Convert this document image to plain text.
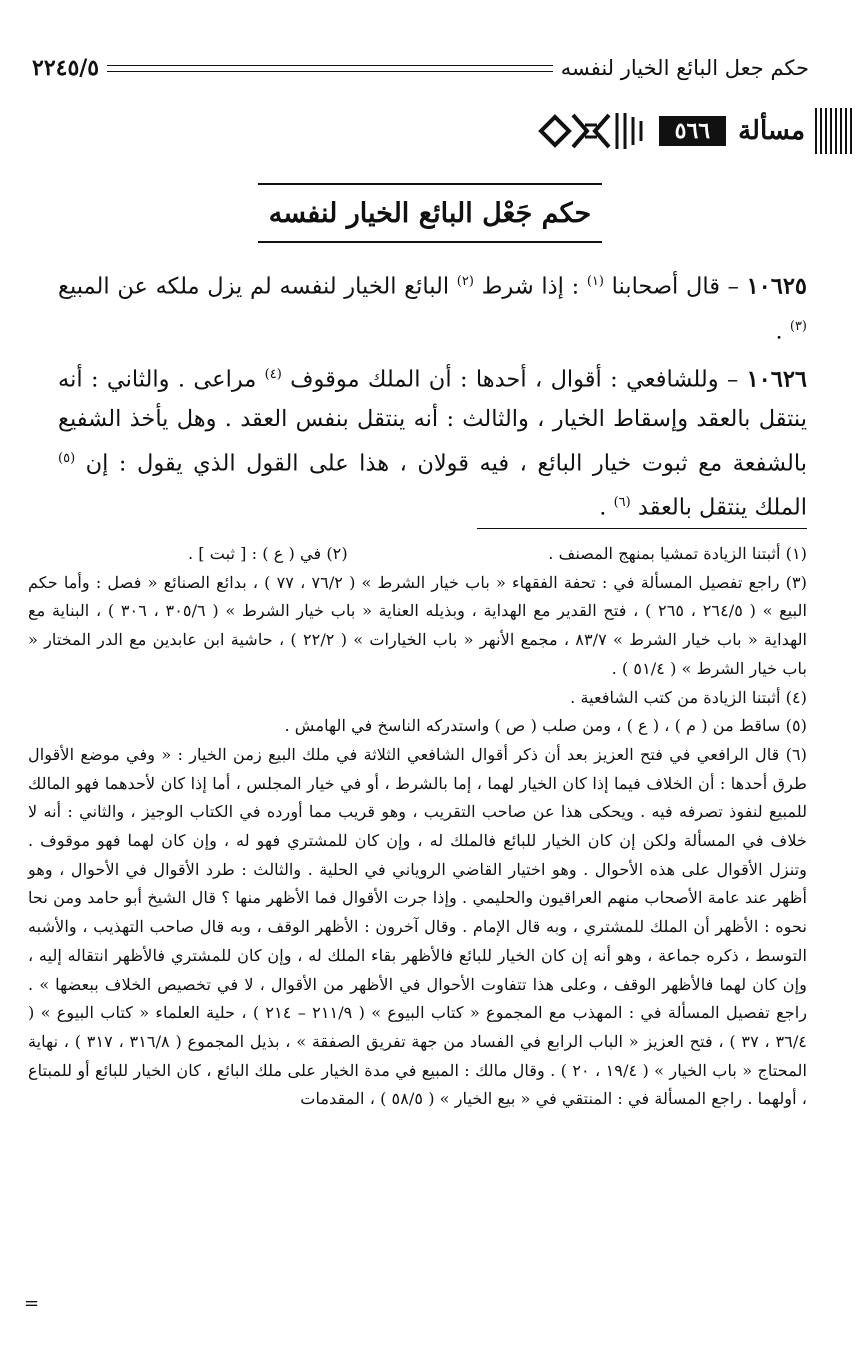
حكم جعل البائع الخيار لنفسه
٢٢٤٥/٥
مسألة
٥٦٦
حكم جَعْل البائع الخيار لنفسه

١٠٦٢٥ – قال أصحابنا $^{(١)}$ : إذا شرط $^{(٢)}$ البائع الخيار لنفسه لم يزل ملكه عن المبيع $^{(٣)}$ .

١٠٦٢٦ – وللشافعي : أقوال ، أحدها : أن الملك موقوف $^{(٤)}$ مراعى . والثاني : أنه ينتقل بالعقد وإسقاط الخيار ، والثالث : أنه ينتقل بنفس العقد . وهل يأخذ الشفيع بالشفعة مع ثبوت خيار البائع ، فيه قولان ، هذا على القول الذي يقول : إن $^{(٥)}$ الملك ينتقل بالعقد $^{(٦)}$ .

(١) أثبتنا الزيادة تمشيا بمنهج المصنف .
(٢) في ( ع ) : [ ثبت ] .

(٣) راجع تفصيل المسألة في : تحفة الفقهاء « باب خيار الشرط » ( ٧٦/٢ ، ٧٧ ) ، بدائع الصنائع « فصل : وأما حكم البيع » ( ٢٦٤/٥ ، ٢٦٥ ) ، فتح القدير مع الهداية ، وبذيله العناية « باب خيار الشرط » ( ٣٠٥/٦ ، ٣٠٦ ) ، البناية مع الهداية « باب خيار الشرط » ٨٣/٧ ، مجمع الأنهر « باب الخيارات » ( ٢٢/٢ ) ، حاشية ابن عابدين مع الدر المختار « باب خيار الشرط » ( ٥١/٤ ) .

(٤) أثبتنا الزيادة من كتب الشافعية .

(٥) ساقط من ( م ) ، ( ع ) ، ومن صلب ( ص ) واستدركه الناسخ في الهامش .

(٦) قال الرافعي في فتح العزيز بعد أن ذكر أقوال الشافعي الثلاثة في ملك البيع زمن الخيار : « وفي موضع الأقوال طرق أحدها : أن الخلاف فيما إذا كان الخيار لهما ، إما بالشرط ، أو في خيار المجلس ، أما إذا كان لأحدهما فهو المالك للمبيع لنفوذ تصرفه فيه . ويحكى هذا عن صاحب التقريب ، وهو قريب مما أورده في الكتاب الوجيز ، والثاني : أنه لا خلاف في المسألة ولكن إن كان الخيار للبائع فالملك له ، وإن كان للمشتري فهو له ، وإن كان لهما فهو موقوف . وتنزل الأقوال على هذه الأحوال . وهو اختيار القاضي الروياني في الحلية . والثالث : طرد الأقوال في الأحوال ، وهو أظهر عند عامة الأصحاب منهم العراقيون والحليمي . وإذا جرت الأقوال فما الأظهر منها ؟ قال الشيخ أبو حامد ومن نحا نحوه : الأظهر أن الملك للمشتري ، وبه قال الإمام . وقال آخرون : الأظهر الوقف ، وبه قال صاحب التهذيب ، والأشبه التوسط ، ذكره جماعة ، وهو أنه إن كان الخيار للبائع فالأظهر بقاء الملك له ، وإن كان للمشتري فالأظهر انتقاله إليه ، وإن كان لهما فالأظهر الوقف ، وعلى هذا تتفاوت الأحوال في الأظهر من الأقوال ، لا في تخصيص الخلاف ببعضها » . راجع تفصيل المسألة في : المهذب مع المجموع « كتاب البيوع » ( ٢١١/٩ – ٢١٤ ) ، حلية العلماء « كتاب البيوع » ( ٣٦/٤ ، ٣٧ ) ، فتح العزيز « الباب الرابع في الفساد من جهة تفريق الصفقة » ، بذيل المجموع ( ٣١٦/٨ ، ٣١٧ ) ، نهاية المحتاج « باب الخيار » ( ١٩/٤ ، ٢٠ ) . وقال مالك : المبيع في مدة الخيار على ملك البائع ، كان الخيار للبائع أو للمبتاع ، أولهما . راجع المسألة في : المنتقي في « بيع الخيار » ( ٥٨/٥ ) ، المقدمات

=
